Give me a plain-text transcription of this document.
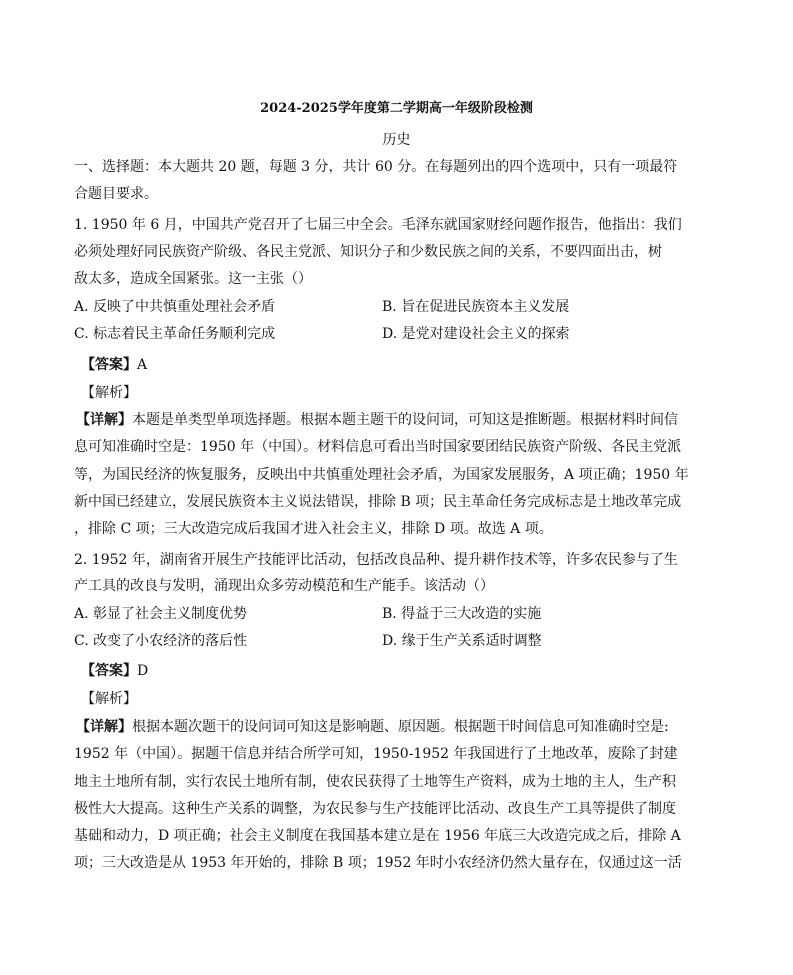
2024-2025学年度第二学期高一年级阶段检测
历史
一、选择题：本大题共 20 题，每题 3 分，共计 60 分。在每题列出的四个选项中，只有一项最符
合题目要求。
1. 1950 年 6 月，中国共产党召开了七届三中全会。毛泽东就国家财经问题作报告，他指出：我们
必须处理好同民族资产阶级、各民主党派、知识分子和少数民族之间的关系，不要四面出击，树
敌太多，造成全国紧张。这一主张（）
A. 反映了中共慎重处理社会矛盾	B. 旨在促进民族资本主义发展
C. 标志着民主革命任务顺利完成	D. 是党对建设社会主义的探索
【答案】A
【解析】
【详解】本题是单类型单项选择题。根据本题主题干的设问词，可知这是推断题。根据材料时间信
息可知准确时空是：1950 年（中国）。材料信息可看出当时国家要团结民族资产阶级、各民主党派
等，为国民经济的恢复服务，反映出中共慎重处理社会矛盾，为国家发展服务，A 项正确；1950 年
新中国已经建立，发展民族资本主义说法错误，排除 B 项；民主革命任务完成标志是土地改革完成
，排除 C 项；三大改造完成后我国才进入社会主义，排除 D 项。故选 A 项。
2. 1952 年，湖南省开展生产技能评比活动，包括改良品种、提升耕作技术等，许多农民参与了生
产工具的改良与发明，涌现出众多劳动模范和生产能手。该活动（）
A. 彰显了社会主义制度优势	B. 得益于三大改造的实施
C. 改变了小农经济的落后性	D. 缘于生产关系适时调整
【答案】D
【解析】
【详解】根据本题次题干的设问词可知这是影响题、原因题。根据题干时间信息可知准确时空是:
1952 年（中国）。据题干信息并结合所学可知，1950-1952 年我国进行了土地改革，废除了封建
地主土地所有制，实行农民土地所有制，使农民获得了土地等生产资料，成为土地的主人，生产积
极性大大提高。这种生产关系的调整，为农民参与生产技能评比活动、改良生产工具等提供了制度
基础和动力，D 项正确；社会主义制度在我国基本建立是在 1956 年底三大改造完成之后，排除 A
项；三大改造是从 1953 年开始的，排除 B 项；1952 年时小农经济仍然大量存在，仅通过这一活
